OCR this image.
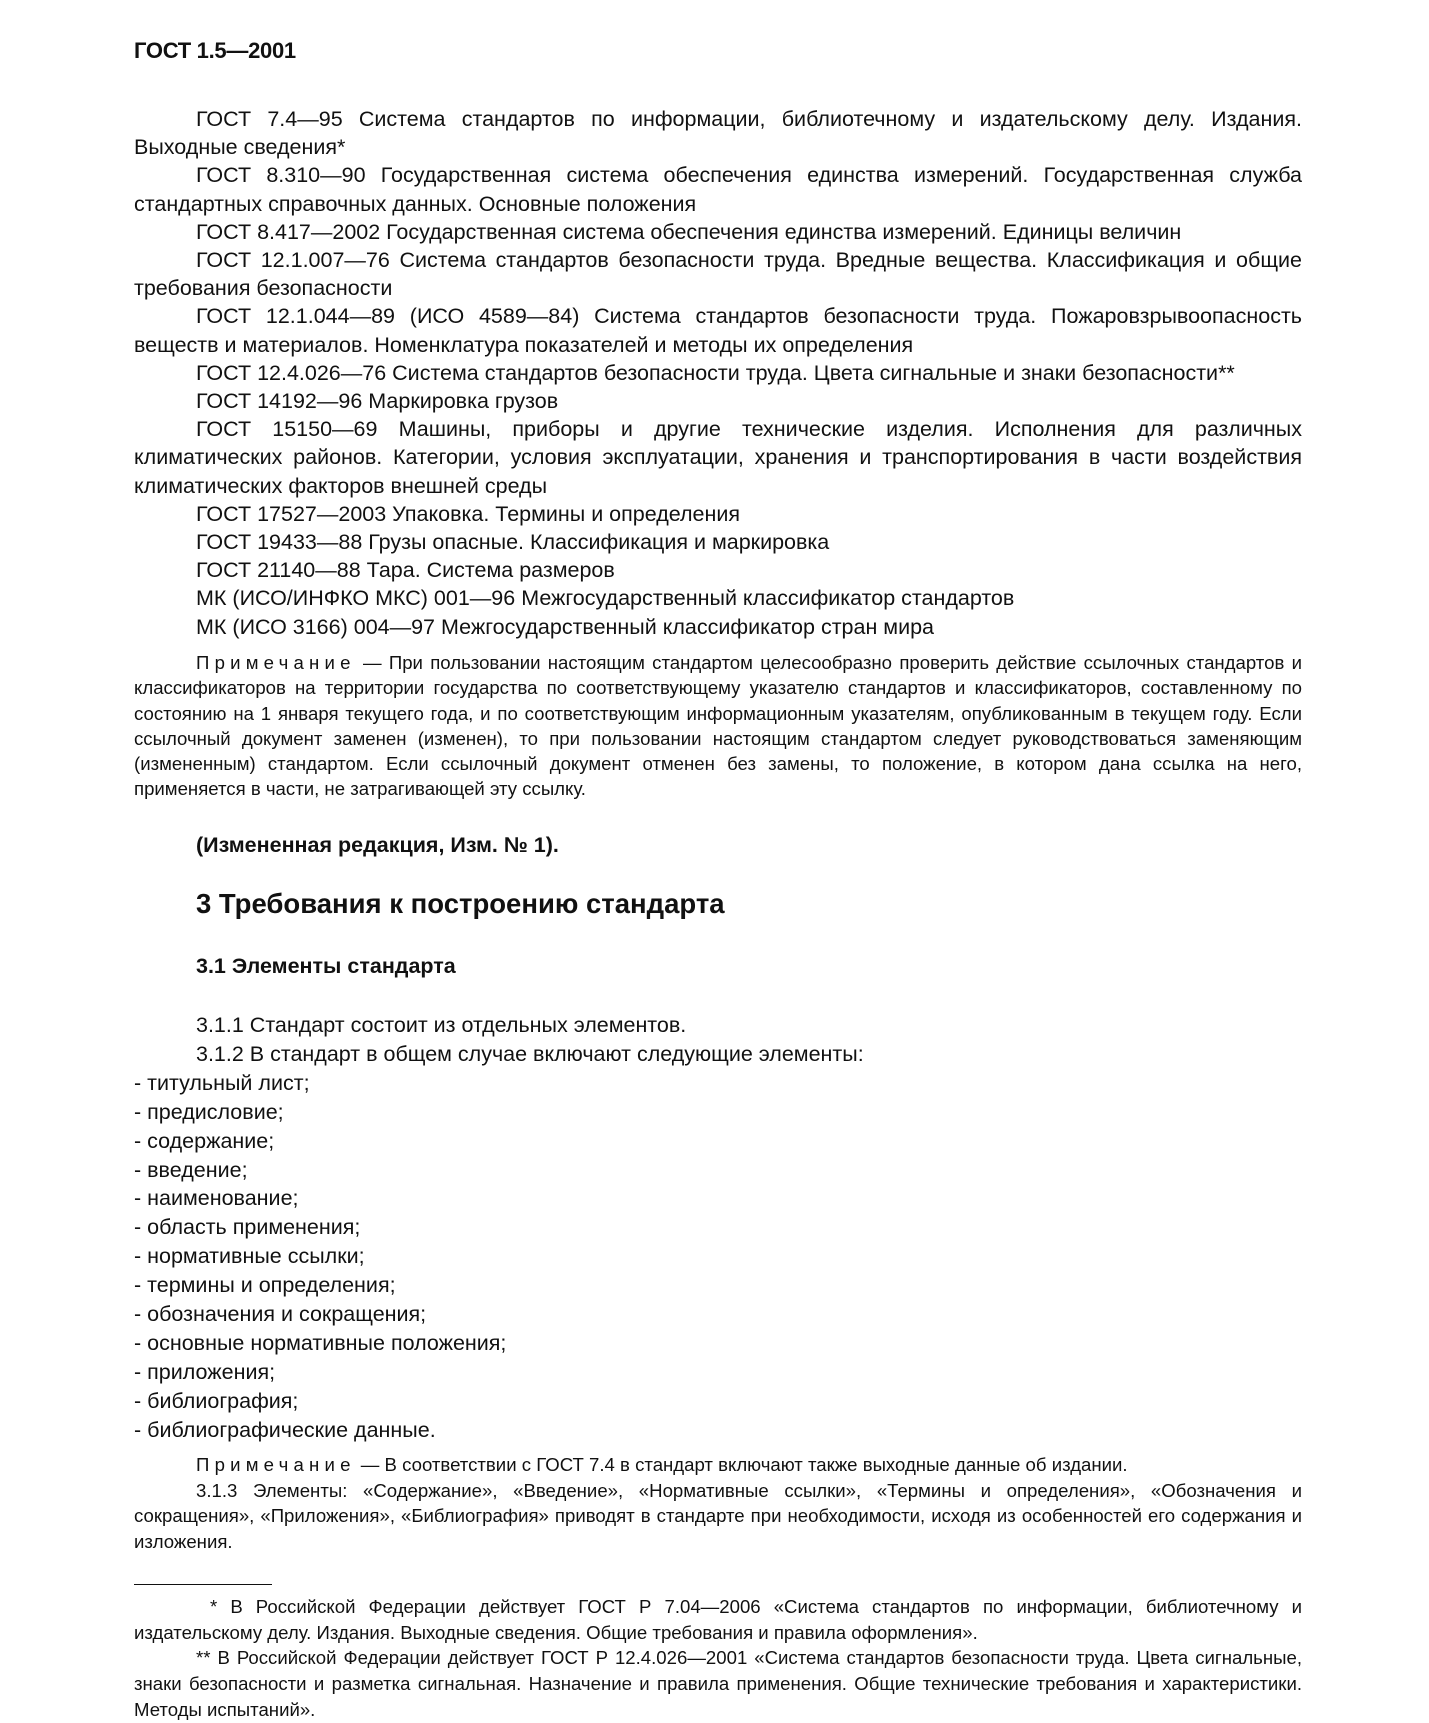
ГОСТ 1.5—2001

ГОСТ 7.4—95 Система стандартов по информации, библиотечному и издательскому делу. Издания. Выходные сведения*

ГОСТ 8.310—90 Государственная система обеспечения единства измерений. Государственная служба стандартных справочных данных. Основные положения

ГОСТ 8.417—2002 Государственная система обеспечения единства измерений. Единицы величин

ГОСТ 12.1.007—76 Система стандартов безопасности труда. Вредные вещества. Классификация и общие требования безопасности

ГОСТ 12.1.044—89 (ИСО 4589—84) Система стандартов безопасности труда. Пожаровзрывоопасность веществ и материалов. Номенклатура показателей и методы их определения

ГОСТ 12.4.026—76 Система стандартов безопасности труда. Цвета сигнальные и знаки безопасности**

ГОСТ 14192—96 Маркировка грузов

ГОСТ 15150—69 Машины, приборы и другие технические изделия. Исполнения для различных климатических районов. Категории, условия эксплуатации, хранения и транспортирования в части воздействия климатических факторов внешней среды

ГОСТ 17527—2003 Упаковка. Термины и определения

ГОСТ 19433—88 Грузы опасные. Классификация и маркировка

ГОСТ 21140—88 Тара. Система размеров

МК (ИСО/ИНФКО МКС) 001—96 Межгосударственный классификатор стандартов

МК (ИСО 3166) 004—97 Межгосударственный классификатор стран мира

Примечание — При пользовании настоящим стандартом целесообразно проверить действие ссылочных стандартов и классификаторов на территории государства по соответствующему указателю стандартов и классификаторов, составленному по состоянию на 1 января текущего года, и по соответствующим информационным указателям, опубликованным в текущем году. Если ссылочный документ заменен (изменен), то при пользовании настоящим стандартом следует руководствоваться заменяющим (измененным) стандартом. Если ссылочный документ отменен без замены, то положение, в котором дана ссылка на него, применяется в части, не затрагивающей эту ссылку.

(Измененная редакция, Изм. № 1).
3 Требования к построению стандарта
3.1 Элементы стандарта

3.1.1 Стандарт состоит из отдельных элементов.

3.1.2 В стандарт в общем случае включают следующие элементы:

- титульный лист;
- предисловие;
- содержание;
- введение;
- наименование;
- область применения;
- нормативные ссылки;
- термины и определения;
- обозначения и сокращения;
- основные нормативные положения;
- приложения;
- библиография;
- библиографические данные.

Примечание — В соответствии с ГОСТ 7.4 в стандарт включают также выходные данные об издании.

3.1.3 Элементы: «Содержание», «Введение», «Нормативные ссылки», «Термины и определения», «Обозначения и сокращения», «Приложения», «Библиография» приводят в стандарте при необходимости, исходя из особенностей его содержания и изложения.

* В Российской Федерации действует ГОСТ Р 7.04—2006 «Система стандартов по информации, библиотечному и издательскому делу. Издания. Выходные сведения. Общие требования и правила оформления».

** В Российской Федерации действует ГОСТ Р 12.4.026—2001 «Система стандартов безопасности труда. Цвета сигнальные, знаки безопасности и разметка сигнальная. Назначение и правила применения. Общие технические требования и характеристики. Методы испытаний».
